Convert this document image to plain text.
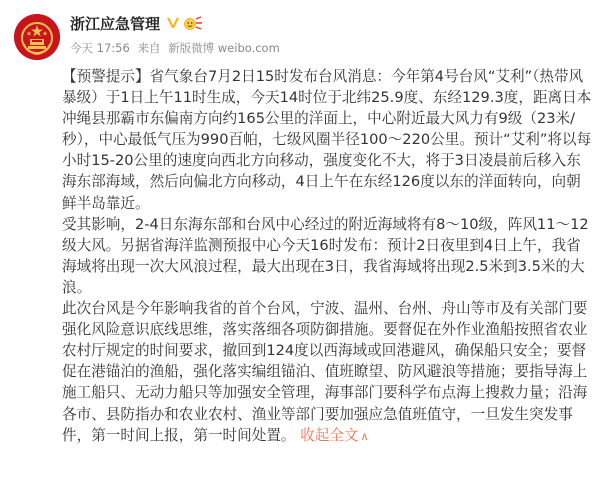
浙江应急管理
今天 17:56 来自 新版微博 weibo.com

【预警提示】省气象台7月2日15时发布台风消息：今年第4号台风“艾利”（热带风暴级）于1日上午11时生成，今天14时位于北纬25.9度、东经129.3度，距离日本冲绳县那霸市东偏南方向约165公里的洋面上，中心附近最大风力有9级（23米/秒），中心最低气压为990百帕，七级风圈半径100～220公里。预计“艾利”将以每小时15-20公里的速度向西北方向移动，强度变化不大，将于3日凌晨前后移入东海东部海域，然后向偏北方向移动，4日上午在东经126度以东的洋面转向，向朝鲜半岛靠近。

受其影响，2-4日东海东部和台风中心经过的附近海域将有8～10级，阵风11～12级大风。另据省海洋监测预报中心今天16时发布：预计2日夜里到4日上午，我省海域将出现一次大风浪过程，最大出现在3日，我省海域将出现2.5米到3.5米的大浪。

此次台风是今年影响我省的首个台风，宁波、温州、台州、舟山等市及有关部门要强化风险意识底线思维，落实落细各项防御措施。要督促在外作业渔船按照省农业农村厅规定的时间要求，撤回到124度以西海域或回港避风，确保船只安全；要督促在港锚泊的渔船，强化落实编组锚泊、值班瞭望、防风避浪等措施；要指导海上施工船只、无动力船只等加强安全管理，海事部门要科学布点海上搜救力量；沿海各市、县防指办和农业农村、渔业等部门要加强应急值班值守，一旦发生突发事件，第一时间上报，第一时间处置。 收起全文 ∧
